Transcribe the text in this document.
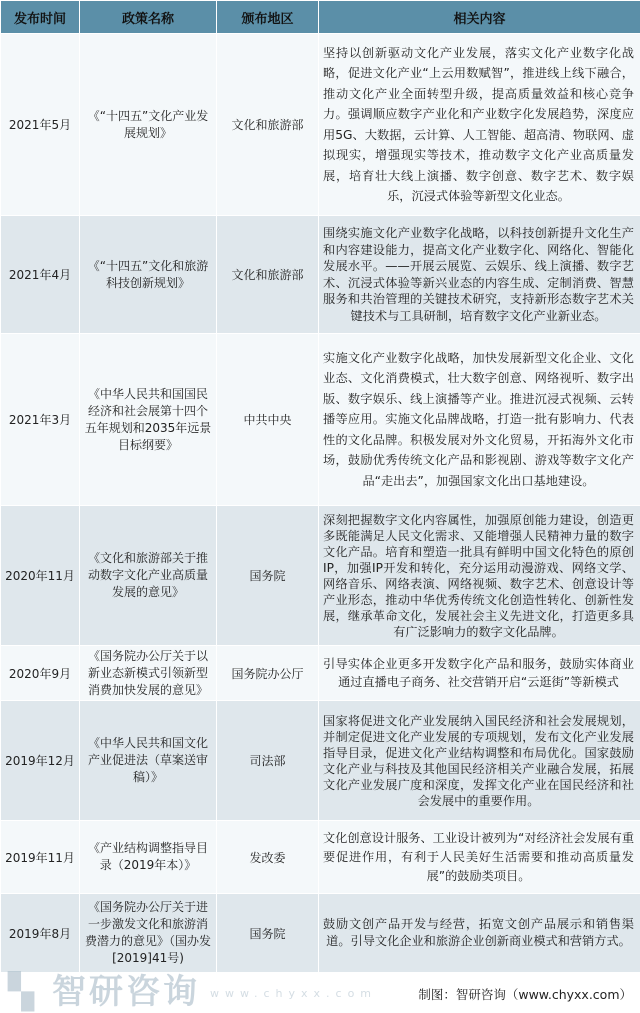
发布时间	政策名称	颁布地区	相关内容
2021年5月	《“十四五”文化产业发展规划》	文化和旅游部	坚持以创新驱动文化产业发展，落实文化产业数字化战略，促进文化产业“上云用数赋智”，推进线上线下融合，推动文化产业全面转型升级，提高质量效益和核心竞争力。强调顺应数字产业化和产业数字化发展趋势，深度应用5G、大数据，云计算、人工智能、超高清、物联网、虚拟现实，增强现实等技术，推动数字文化产业高质量发展，培育壮大线上演播、数字创意、数字艺术、数字娱乐，沉浸式体验等新型文化业态。
2021年4月	《“十四五”文化和旅游科技创新规划》	文化和旅游部	围绕实施文化产业数字化战略，以科技创新提升文化生产和内容建设能力，提高文化产业数字化、网络化、智能化发展水平。——开展云展览、云娱乐、线上演播、数字艺术、沉浸式体验等新兴业态的内容生成、定制消费、智慧服务和共治管理的关键技术研究，支持新形态数字艺术关键技术与工具研制，培育数字文化产业新业态。
2021年3月	《中华人民共和国国民经济和社会展第十四个五年规划和2035年远景目标纲要》	中共中央	实施文化产业数字化战略，加快发展新型文化企业、文化业态、文化消费模式，壮大数字创意、网络视听、数字出版、数字娱乐、线上演播等产业。推进沉浸式视频、云转播等应用。实施文化品牌战略，打造一批有影响力、代表性的文化品牌。积极发展对外文化贸易，开拓海外文化市场，鼓励优秀传统文化产品和影视剧、游戏等数字文化产品“走出去”，加强国家文化出口基地建设。
2020年11月	《文化和旅游部关于推动数字文化产业高质量发展的意见》	国务院	深刻把握数字文化内容属性，加强原创能力建设，创造更多既能满足人民文化需求、又能增强人民精神力量的数字文化产品。培育和塑造一批具有鲜明中国文化特色的原创IP，加强IP开发和转化，充分运用动漫游戏、网络文学、网络音乐、网络表演、网络视频、数字艺术、创意设计等产业形态，推动中华优秀传统文化创造性转化、创新性发展，继承革命文化，发展社会主义先进文化，打造更多具有广泛影响力的数字文化品牌。
2020年9月	《国务院办公厅关于以新业态新模式引领新型消费加快发展的意见》	国务院办公厅	引导实体企业更多开发数字化产品和服务，鼓励实体商业通过直播电子商务、社交营销开启“云逛街”等新模式
2019年12月	《中华人民共和国文化产业促进法（草案送审稿）》	司法部	国家将促进文化产业发展纳入国民经济和社会发展规划，并制定促进文化产业发展的专项规划，发布文化产业发展指导目录，促进文化产业结构调整和布局优化。国家鼓励文化产业与科技及其他国民经济相关产业融合发展，拓展文化产业发展广度和深度，发挥文化产业在国民经济和社会发展中的重要作用。
2019年11月	《产业结构调整指导目录（2019年本）》	发改委	文化创意设计服务、工业设计被列为“对经济社会发展有重要促进作用，有利于人民美好生活需要和推动高质量发展”的鼓励类项目。
2019年8月	《国务院办公厅关于进一步激发文化和旅游消费潜力的意见》（国办发[2019]41号)	国务院	鼓励文创产品开发与经营，拓宽文创产品展示和销售渠道。引导文化企业和旅游企业创新商业模式和营销方式。
▚ 智研咨询 www.chyxx.com	制图：智研咨询（www.chyxx.com）
